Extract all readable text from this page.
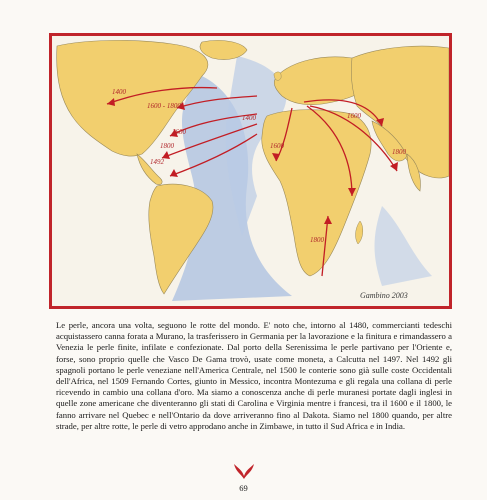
1400
1600 - 1800
1600
1800
1492
1400	1600
1600
1800
1800
Gambino 2003

Le perle, ancora una volta, seguono le rotte del mondo. E' noto che, intorno al 1480, commercianti tedeschi acquistassero canna forata a Murano, la trasferissero in Germania per la lavorazione e la finitura e rimandassero a Venezia le perle finite, infilate e confezionate. Dal porto della Serenissima le perle partivano per l'Oriente e, forse, sono proprio quelle che Vasco De Gama trovò, usate come moneta, a Calcutta nel 1497. Nel 1492 gli spagnoli portano le perle veneziane nell'America Centrale, nel 1500 le conterie sono già sulle coste Occidentali dell'Africa, nel 1509 Fernando Cortes, giunto in Messico, incontra Montezuma e gli regala una collana di perle ricevendo in cambio una collana d'oro. Ma siamo a conoscenza anche di perle muranesi portate dagli inglesi in quelle zone americane che diventeranno gli stati di Carolina e Virginia mentre i francesi, tra il 1600 e il 1800, le fanno arrivare nel Quebec e nell'Ontario da dove arriveranno fino al Dakota. Siamo nel 1800 quando, per altre strade, per altre rotte, le perle di vetro approdano anche in Zimbawe, in tutto il Sud Africa e in India.

69
